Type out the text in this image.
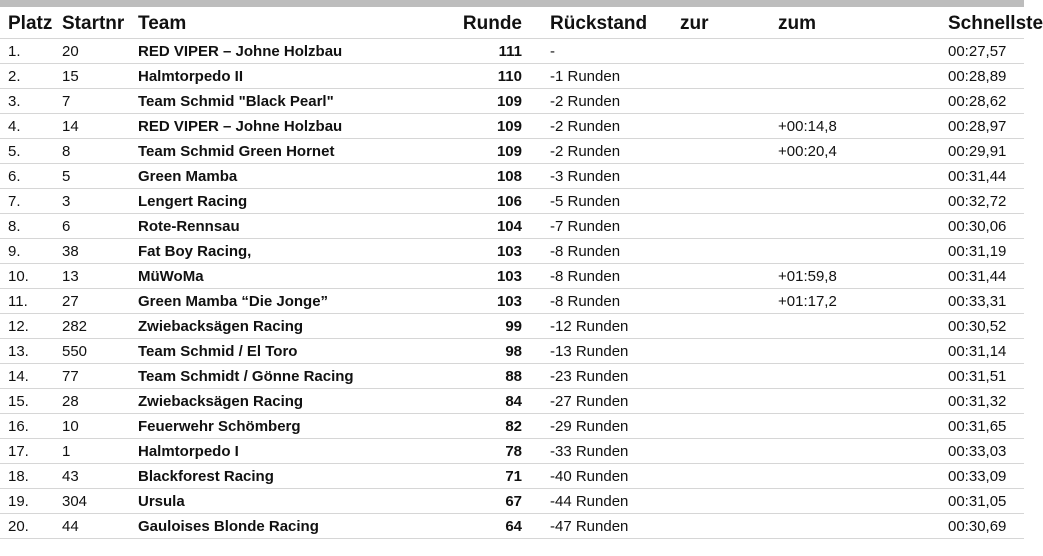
Platz	Startnr	Team	Runde	Rückstand	zur	zum	Schnellste
1.	20	RED VIPER – Johne Holzbau	111	-			00:27,57
2.	15	Halmtorpedo II	110	-1 Runden			00:28,89
3.	7	Team Schmid "Black Pearl"	109	-2 Runden			00:28,62
4.	14	RED VIPER – Johne Holzbau	109	-2 Runden		+00:14,8	00:28,97
5.	8	Team Schmid Green Hornet	109	-2 Runden		+00:20,4	00:29,91
6.	5	Green Mamba	108	-3 Runden			00:31,44
7.	3	Lengert Racing	106	-5 Runden			00:32,72
8.	6	Rote-Rennsau	104	-7 Runden			00:30,06
9.	38	Fat Boy Racing,	103	-8 Runden			00:31,19
10.	13	MüWoMa	103	-8 Runden		+01:59,8	00:31,44
11.	27	Green Mamba “Die Jonge”	103	-8 Runden		+01:17,2	00:33,31
12.	282	Zwiebacksägen Racing	99	-12 Runden			00:30,52
13.	550	Team Schmid / El Toro	98	-13 Runden			00:31,14
14.	77	Team Schmidt / Gönne Racing	88	-23 Runden			00:31,51
15.	28	Zwiebacksägen Racing	84	-27 Runden			00:31,32
16.	10	Feuerwehr Schömberg	82	-29 Runden			00:31,65
17.	1	Halmtorpedo I	78	-33 Runden			00:33,03
18.	43	Blackforest Racing	71	-40 Runden			00:33,09
19.	304	Ursula	67	-44 Runden			00:31,05
20.	44	Gauloises Blonde Racing	64	-47 Runden			00:30,69
